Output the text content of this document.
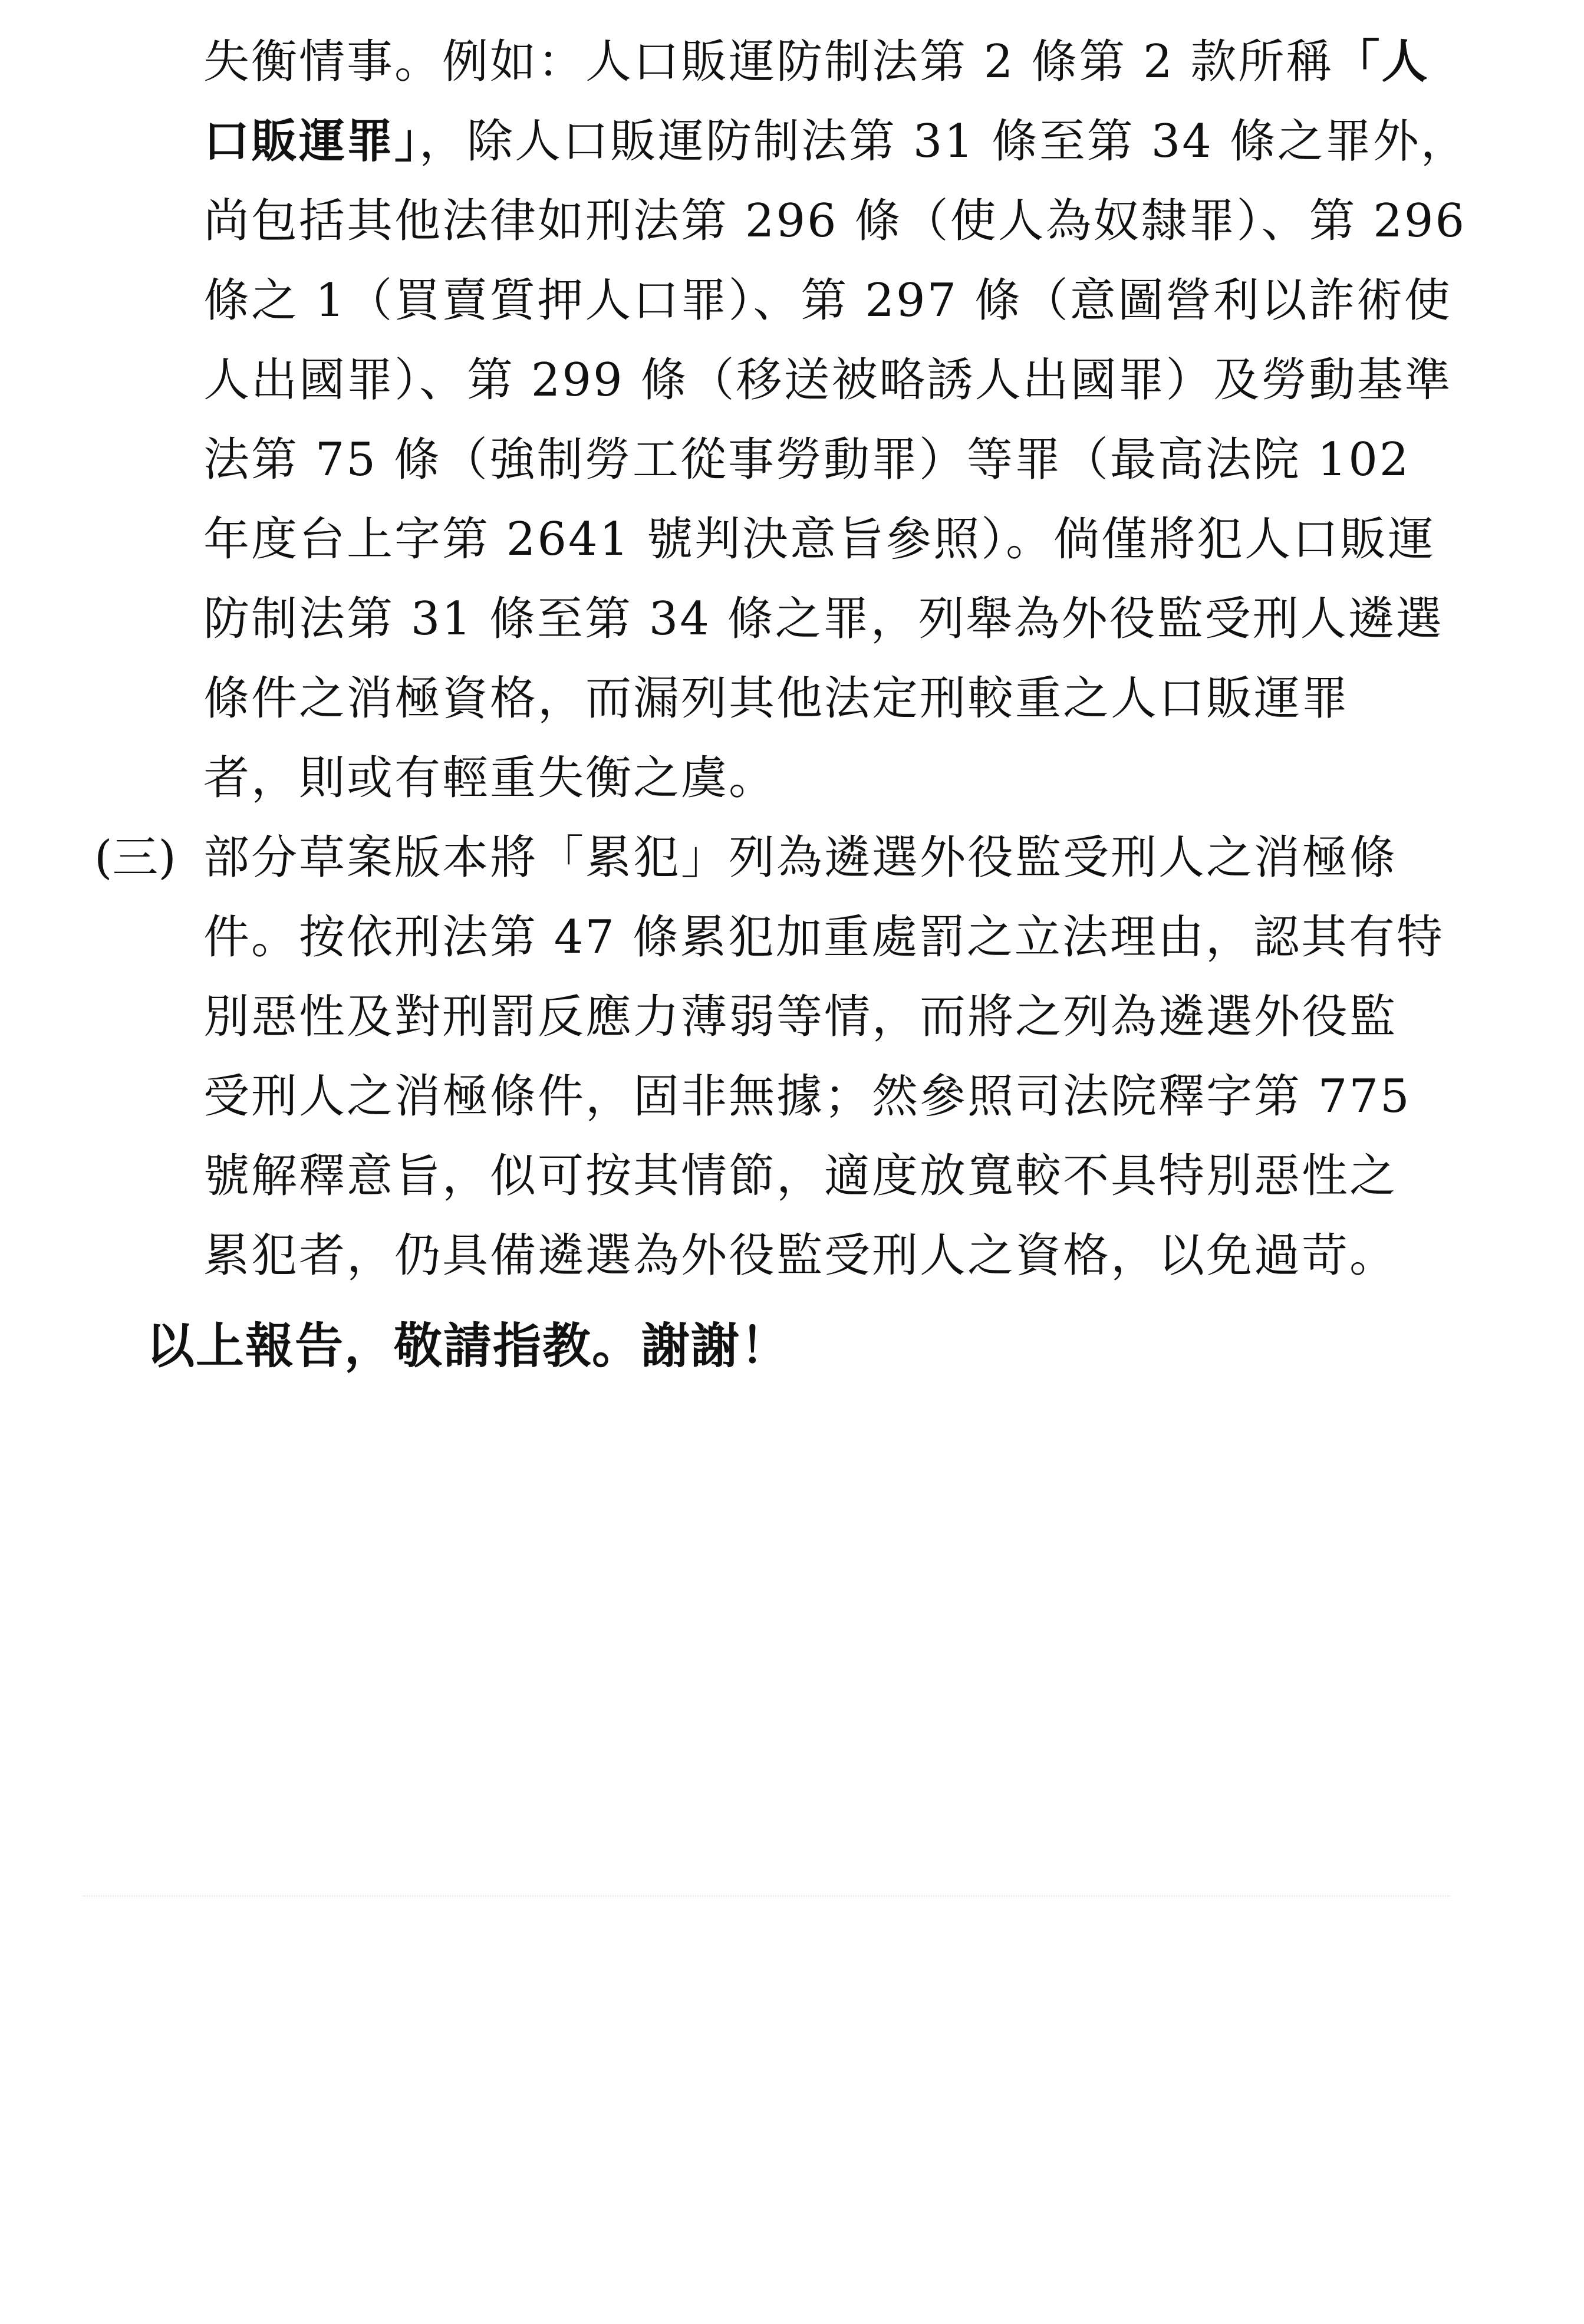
失衡情事。例如：人口販運防制法第 2 條第 2 款所稱「人
口販運罪」，除人口販運防制法第 31 條至第 34 條之罪外，
尚包括其他法律如刑法第 296 條（使人為奴隸罪）、第 296
條之 1（買賣質押人口罪）、第 297 條（意圖營利以詐術使
人出國罪）、第 299 條（移送被略誘人出國罪）及勞動基準
法第 75 條（強制勞工從事勞動罪）等罪（最高法院 102
年度台上字第 2641 號判決意旨參照）。倘僅將犯人口販運
防制法第 31 條至第 34 條之罪，列舉為外役監受刑人遴選
條件之消極資格，而漏列其他法定刑較重之人口販運罪
者，則或有輕重失衡之虞。
(三) 部分草案版本將「累犯」列為遴選外役監受刑人之消極條
件。按依刑法第 47 條累犯加重處罰之立法理由，認其有特
別惡性及對刑罰反應力薄弱等情，而將之列為遴選外役監
受刑人之消極條件，固非無據；然參照司法院釋字第 775
號解釋意旨，似可按其情節，適度放寬較不具特別惡性之
累犯者，仍具備遴選為外役監受刑人之資格，以免過苛。
以上報告，敬請指教。謝謝！
